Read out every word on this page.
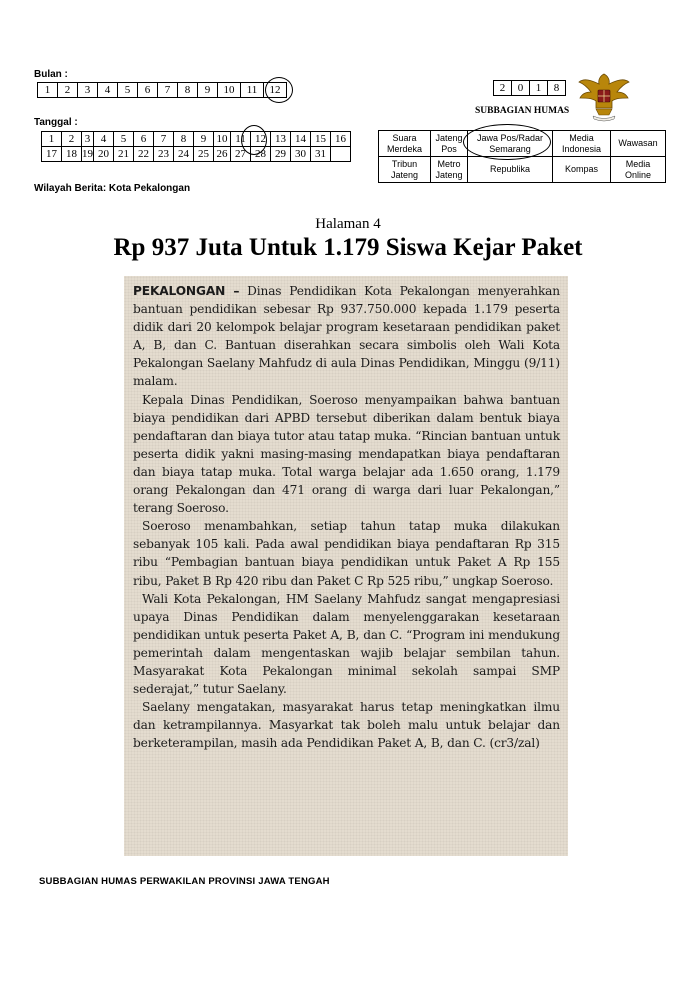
Bulan :
1	2	3	4	5	6	7	8	9	10	11	12
Tanggal :
1	2	3	4	5	6	7	8	9	10	11	12	13	14	15	16
17	18	19	20	21	22	23	24	25	26	27	28	29	30	31	
Wilayah Berita: Kota Pekalongan
2	0	1	8
SUBBAGIAN HUMAS
Suara Merdeka	Jateng Pos	Jawa Pos/Radar Semarang	Media Indonesia	Wawasan
Tribun Jateng	Metro Jateng	Republika	Kompas	Media Online
Halaman 4
Rp 937 Juta Untuk 1.179 Siswa Kejar Paket

PEKALONGAN – Dinas Pendidikan Kota Pekalongan menyerahkan bantuan pendidikan sebesar Rp 937.750.000 kepada 1.179 peserta didik dari 20 kelompok belajar program kesetaraan pendidikan paket A, B, dan C. Bantuan diserahkan secara simbolis oleh Wali Kota Pekalongan Saelany Mahfudz di aula Dinas Pendidikan, Minggu (9/11) malam.

Kepala Dinas Pendidikan, Soeroso menyampaikan bahwa bantuan biaya pendidikan dari APBD tersebut diberikan dalam bentuk biaya pendaftaran dan biaya tutor atau tatap muka. “Rincian bantuan untuk peserta didik yakni masing-masing mendapatkan biaya pendaftaran dan biaya tatap muka. Total warga belajar ada 1.650 orang, 1.179 orang Pekalongan dan 471 orang di warga dari luar Pekalongan,” terang Soeroso.

Soeroso menambahkan, setiap tahun tatap muka dilakukan sebanyak 105 kali. Pada awal pendidikan biaya pendaftaran Rp 315 ribu “Pembagian bantuan biaya pendidikan untuk Paket A Rp 155 ribu, Paket B Rp 420 ribu dan Paket C Rp 525 ribu,” ungkap Soeroso.

Wali Kota Pekalongan, HM Saelany Mahfudz sangat mengapresiasi upaya Dinas Pendidikan dalam menyelenggarakan kesetaraan pendidikan untuk peserta Paket A, B, dan C. “Program ini mendukung pemerintah dalam mengentaskan wajib belajar sembilan tahun. Masyarakat Kota Pekalongan minimal sekolah sampai SMP sederajat,” tutur Saelany.

Saelany mengatakan, masyarakat harus tetap meningkatkan ilmu dan ketrampilannya. Masyarkat tak boleh malu untuk belajar dan berketerampilan, masih ada Pendidikan Paket A, B, dan C. (cr3/zal)

SUBBAGIAN HUMAS PERWAKILAN PROVINSI JAWA TENGAH
